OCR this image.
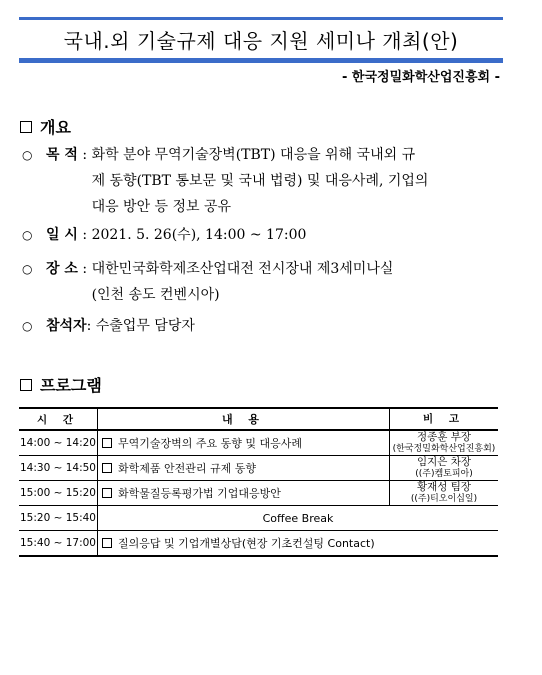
국내.외 기술규제 대응 지원 세미나 개최(안)
- 한국정밀화학산업진흥회 -
개요
○ 목 적 : 화학 분야 무역기술장벽(TBT) 대응을 위해 국내외 규
제 동향(TBT 통보문 및 국내 법령) 및 대응사례, 기업의
대응 방안 등 정보 공유
○ 일 시 : 2021. 5. 26(수), 14:00 ~ 17:00
○ 장 소 : 대한민국화학제조산업대전 전시장내 제3세미나실
(인천 송도 컨벤시아)
○ 참석자 : 수출업무 담당자
프로그램
시 간	내 용	비 고
14:00 ~ 14:20	무역기술장벽의 주요 동향 및 대응사례	정종훈 부장
(한국정밀화학산업진흥회)

14:30 ~ 14:50	화학제품 안전관리 규제 동향	임지은 차장
((주)켐토피아)

15:00 ~ 15:20	화학물질등록평가법 기업대응방안	황재성 팀장
((주)티오이십일)

15:20 ~ 15:40	Coffee Break	
15:40 ~ 17:00	질의응답 및 기업개별상담(현장 기초컨설팅 Contact)	
